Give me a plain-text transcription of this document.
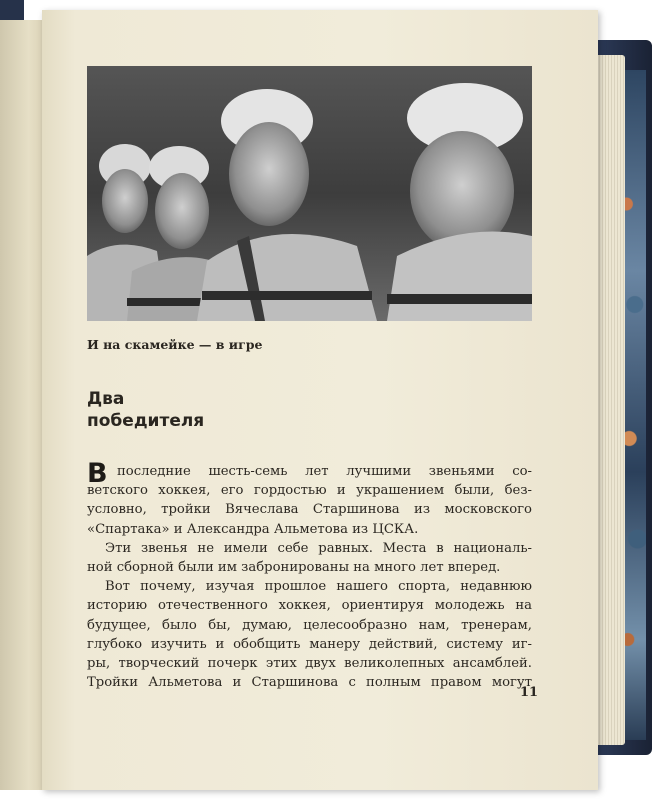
И на скамейке — в игре
Два
победителя
В последние шесть-семь лет лучшими звеньями со-
ветского хоккея, его гордостью и украшением были, без-
условно, тройки Вячеслава Старшинова из московского
«Спартака» и Александра Альметова из ЦСКА.
Эти звенья не имели себе равных. Места в националь-
ной сборной были им забронированы на много лет вперед.
Вот почему, изучая прошлое нашего спорта, недавнюю
историю отечественного хоккея, ориентируя молодежь на
будущее, было бы, думаю, целесообразно нам, тренерам,
глубоко изучить и обобщить манеру действий, систему иг-
ры, творческий почерк этих двух великолепных ансамблей.
Тройки Альметова и Старшинова с полным правом могут
11
